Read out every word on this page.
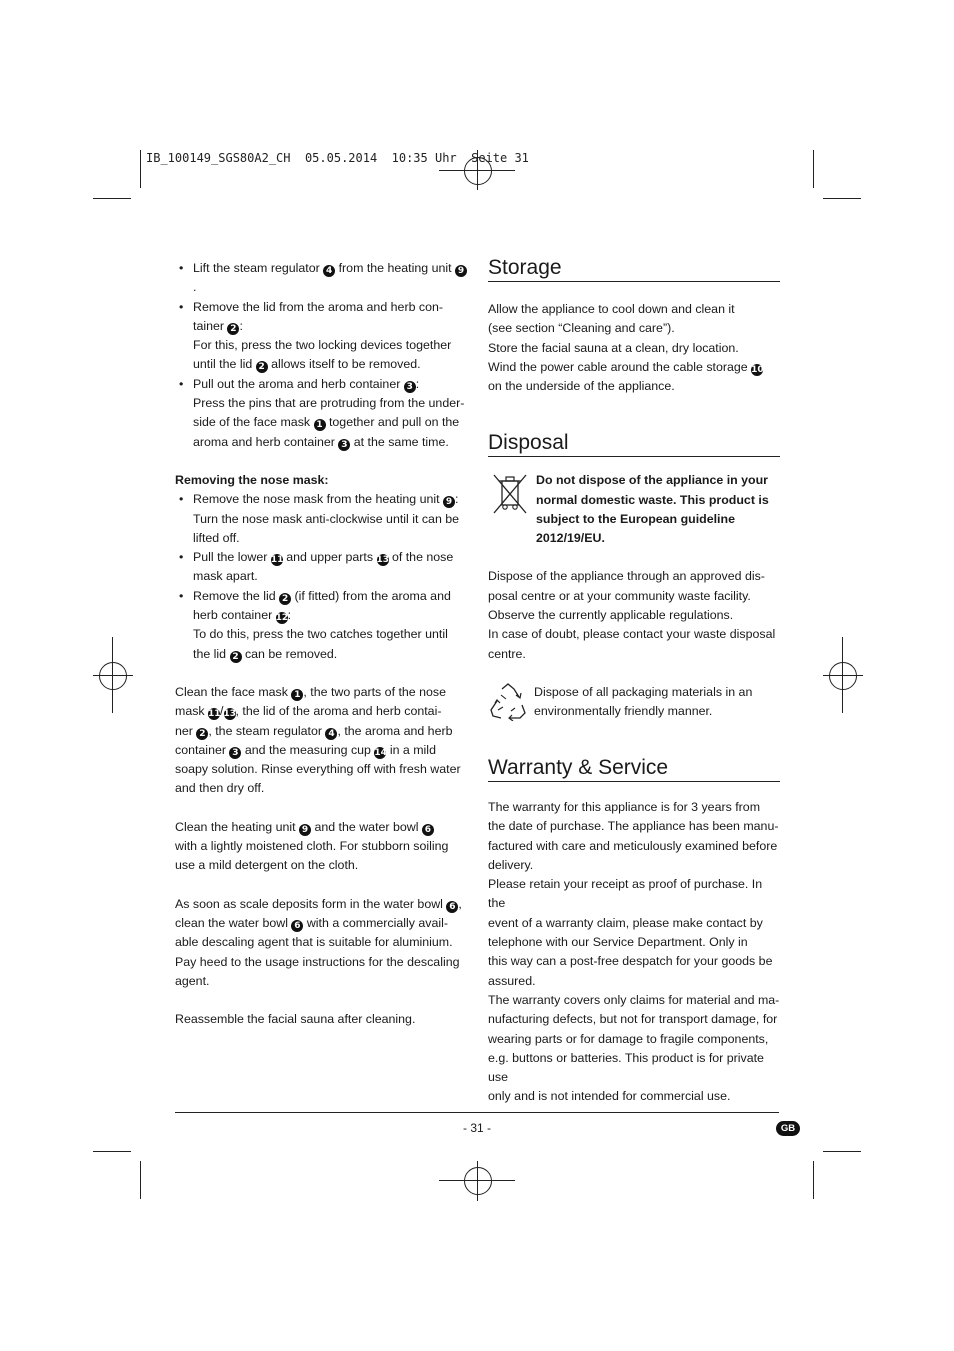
IB_100149_SGS80A2_CH  05.05.2014  10:35 Uhr  Seite 31

• Lift the steam regulator 4 from the heating unit 9.

• Remove the lid from the aroma and herb con-
tainer 2 :
For this, press the two locking devices together
until the lid 2 allows itself to be removed.

• Pull out the aroma and herb container 3 :
Press the pins that are protruding from the under-
side of the face mask 1 together and pull on the
aroma and herb container 3 at the same time.

Removing the nose mask:

• Remove the nose mask from the heating unit 9 :
Turn the nose mask anti-clockwise until it can be
lifted off.

• Pull the lower 11 and upper parts 13 of the nose
mask apart.

• Remove the lid 2 (if fitted) from the aroma and
herb container 12:
To do this, press the two catches together until
the lid 2 can be removed.

Clean the face mask 1 , the two parts of the nose
mask 11/13, the lid of the aroma and herb contai-
ner 2 , the steam regulator 4 , the aroma and herb
container 3 and the measuring cup 14 in a mild
soapy solution. Rinse everything off with fresh water
and then dry off.

Clean the heating unit 9 and the water bowl 6
with a lightly moistened cloth. For stubborn soiling
use a mild detergent on the cloth.

As soon as scale deposits form in the water bowl 6 ,
clean the water bowl 6 with a commercially avail-
able descaling agent that is suitable for aluminium.
Pay heed to the usage instructions for the descaling
agent.

Reassemble the facial sauna after cleaning.

Storage

Allow the appliance to cool down and clean it
(see section “Cleaning and care”).
Store the facial sauna at a clean, dry location.
Wind the power cable around the cable storage 10
on the underside of the appliance.

Disposal

Do not dispose of the appliance in your
normal domestic waste. This product is
subject to the European guideline
2012/19/EU.

Dispose of the appliance through an approved dis-
posal centre or at your community waste facility.
Observe the currently applicable regulations.
In case of doubt, please contact your waste disposal
centre.

Dispose of all packaging materials in an
environmentally friendly manner.

Warranty & Service

The warranty for this appliance is for 3 years from
the date of purchase. The appliance has been manu-
factured with care and meticulously examined before
delivery.
Please retain your receipt as proof of purchase. In the
event of a warranty claim, please make contact by
telephone with our Service Department. Only in
this way can a post-free despatch for your goods be
assured.
The warranty covers only claims for material and ma-
nufacturing defects, but not for transport damage, for
wearing parts or for damage to fragile components,
e.g. buttons or batteries. This product is for private use
only and is not intended for commercial use.

- 31 -	GB
